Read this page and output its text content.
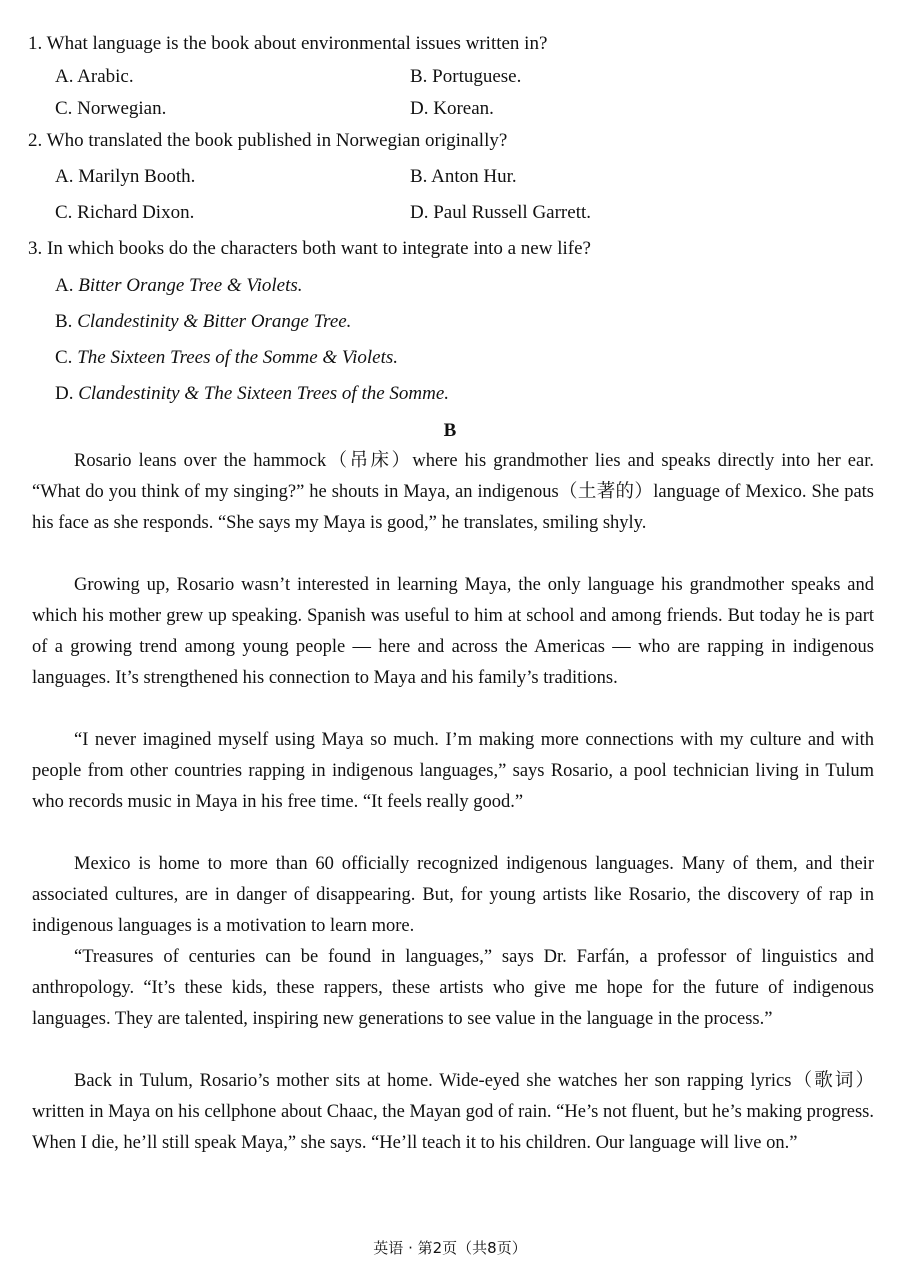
1. What language is the book about environmental issues written in?
A. Arabic.	B. Portuguese.
C. Norwegian.	D. Korean.
2. Who translated the book published in Norwegian originally?
A. Marilyn Booth.	B. Anton Hur.
C. Richard Dixon.	D. Paul Russell Garrett.
3. In which books do the characters both want to integrate into a new life?
A. Bitter Orange Tree & Violets.
B. Clandestinity & Bitter Orange Tree.
C. The Sixteen Trees of the Somme & Violets.
D. Clandestinity & The Sixteen Trees of the Somme.
B
Rosario leans over the hammock（吊床）where his grandmother lies and speaks directly into her ear. “What do you think of my singing?” he shouts in Maya, an indigenous（土著的）language of Mexico. She pats his face as she responds. “She says my Maya is good,” he translates, smiling shyly.
Growing up, Rosario wasn’t interested in learning Maya, the only language his grandmother speaks and which his mother grew up speaking. Spanish was useful to him at school and among friends. But today he is part of a growing trend among young people — here and across the Americas — who are rapping in indigenous languages. It’s strengthened his connection to Maya and his family’s traditions.
“I never imagined myself using Maya so much. I’m making more connections with my culture and with people from other countries rapping in indigenous languages,” says Rosario, a pool technician living in Tulum who records music in Maya in his free time. “It feels really good.”
Mexico is home to more than 60 officially recognized indigenous languages. Many of them, and their associated cultures, are in danger of disappearing. But, for young artists like Rosario, the discovery of rap in indigenous languages is a motivation to learn more.
“Treasures of centuries can be found in languages,” says Dr. Farfán, a professor of linguistics and anthropology. “It’s these kids, these rappers, these artists who give me hope for the future of indigenous languages. They are talented, inspiring new generations to see value in the language in the process.”
Back in Tulum, Rosario’s mother sits at home. Wide-eyed she watches her son rapping lyrics（歌词）written in Maya on his cellphone about Chaac, the Mayan god of rain. “He’s not fluent, but he’s making progress. When I die, he’ll still speak Maya,” she says. “He’ll teach it to his children. Our language will live on.”
英语 · 第2页（共8页）
